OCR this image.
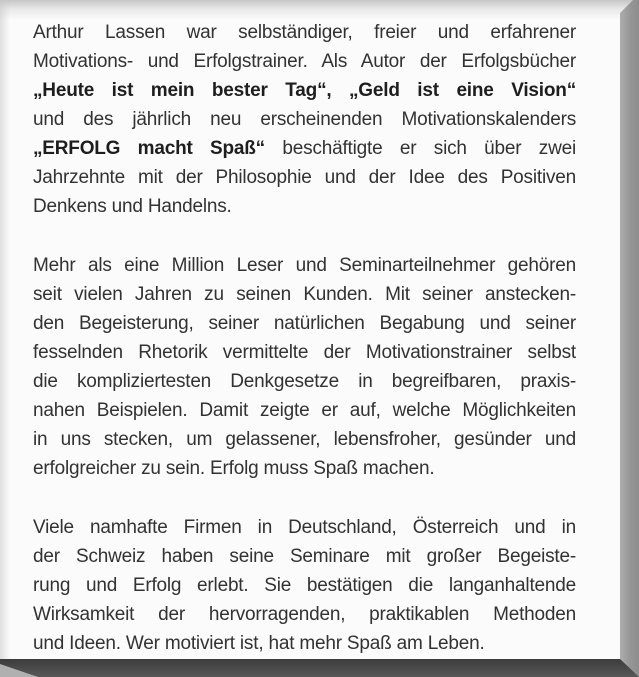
Arthur Lassen war selbständiger, freier und erfahrener
Motivations- und Erfolgstrainer. Als Autor der Erfolgsbücher
„Heute ist mein bester Tag“, „Geld ist eine Vision“
und des jährlich neu erscheinenden Motivationskalenders
„ERFOLG macht Spaß“ beschäftigte er sich über zwei
Jahrzehnte mit der Philosophie und der Idee des Positiven
Denkens und Handelns.
Mehr als eine Million Leser und Seminarteilnehmer gehören
seit vielen Jahren zu seinen Kunden. Mit seiner anstecken-
den Begeisterung, seiner natürlichen Begabung und seiner
fesselnden Rhetorik vermittelte der Motivationstrainer selbst
die kompliziertesten Denkgesetze in begreifbaren, praxis-
nahen Beispielen. Damit zeigte er auf, welche Möglichkeiten
in uns stecken, um gelassener, lebensfroher, gesünder und
erfolgreicher zu sein. Erfolg muss Spaß machen.
Viele namhafte Firmen in Deutschland, Österreich und in
der Schweiz haben seine Seminare mit großer Begeiste-
rung und Erfolg erlebt. Sie bestätigen die langanhaltende
Wirksamkeit der hervorragenden, praktikablen Methoden
und Ideen. Wer motiviert ist, hat mehr Spaß am Leben.
